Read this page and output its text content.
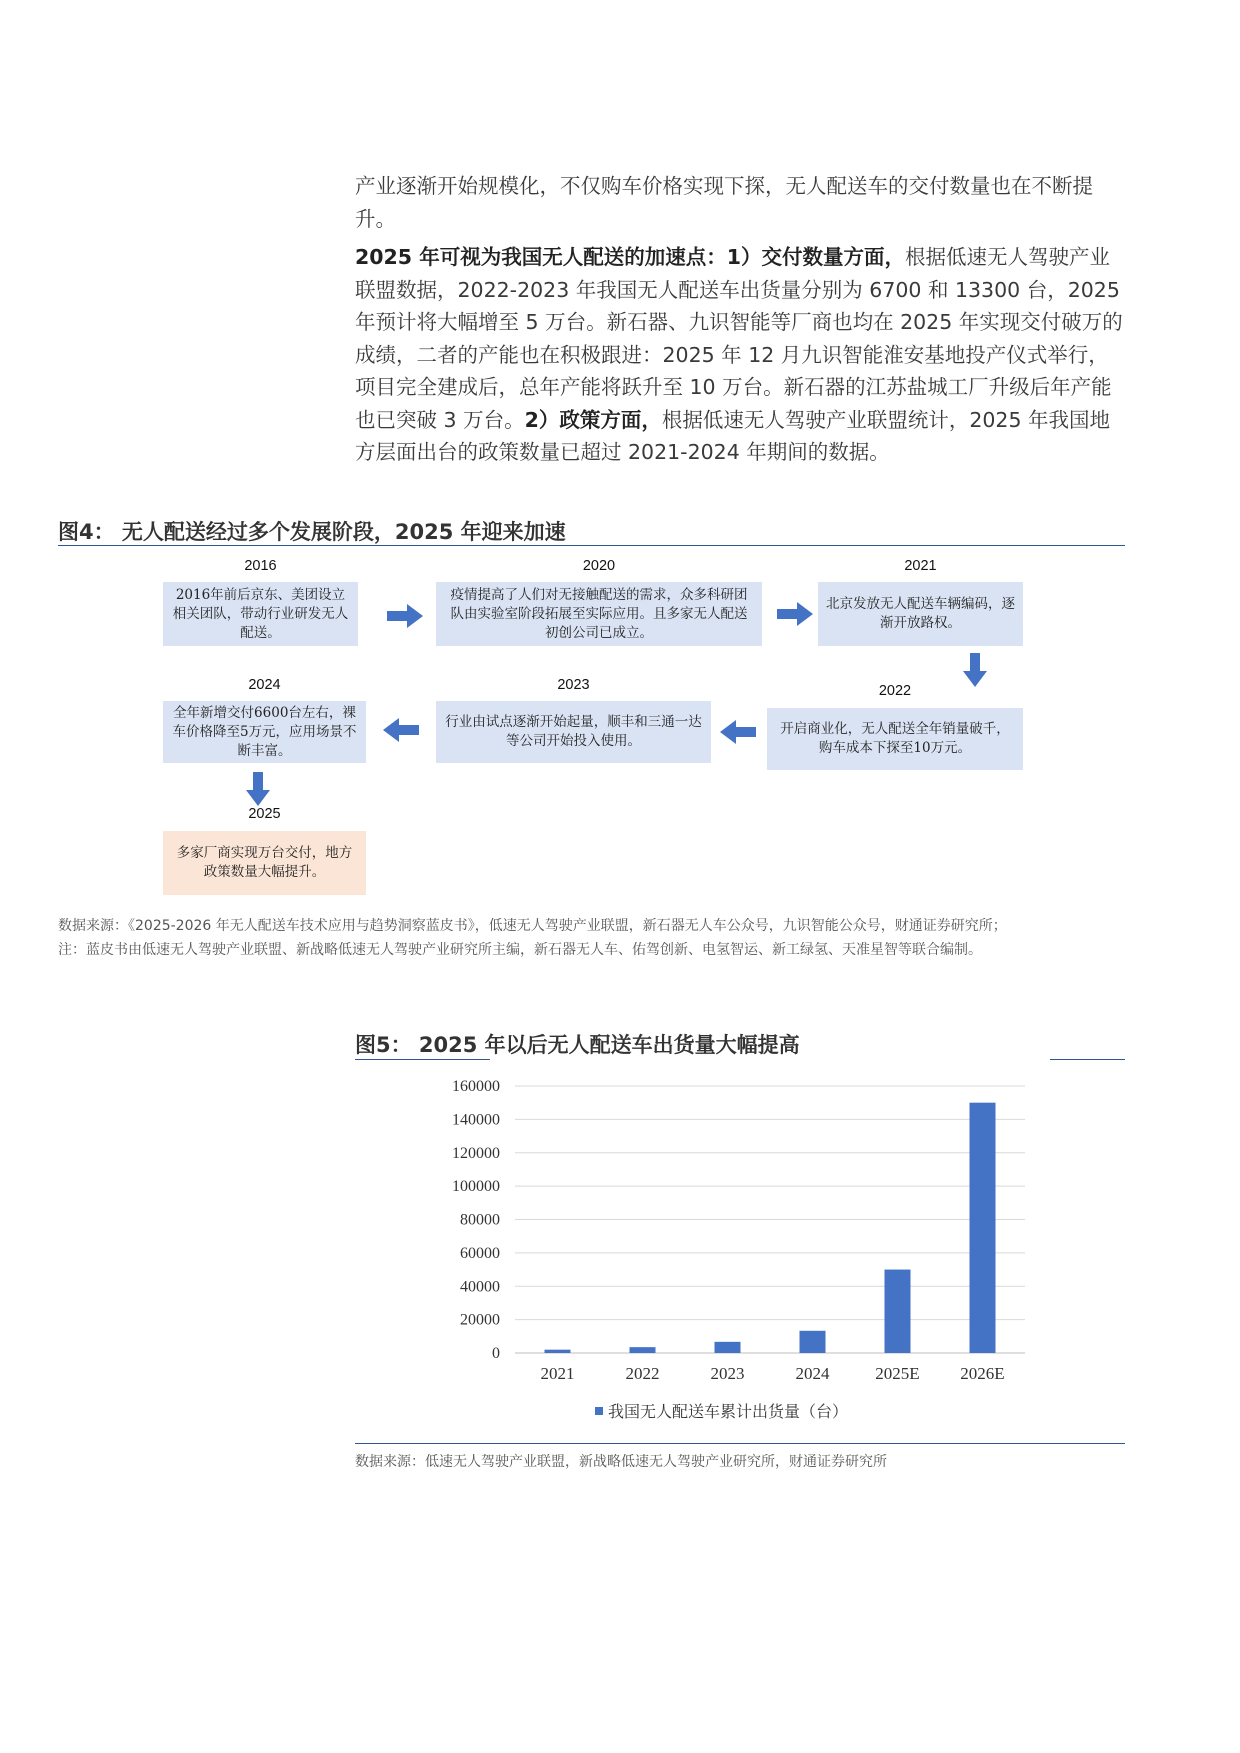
产业逐渐开始规模化，不仅购车价格实现下探，无人配送车的交付数量也在不断提升。

2025 年可视为我国无人配送的加速点：1）交付数量方面，根据低速无人驾驶产业联盟数据，2022-2023 年我国无人配送车出货量分别为 6700 和 13300 台，2025 年预计将大幅增至 5 万台。新石器、九识智能等厂商也均在 2025 年实现交付破万的成绩，二者的产能也在积极跟进：2025 年 12 月九识智能淮安基地投产仪式举行，项目完全建成后，总年产能将跃升至 10 万台。新石器的江苏盐城工厂升级后年产能也已突破 3 万台。2）政策方面，根据低速无人驾驶产业联盟统计，2025 年我国地方层面出台的政策数量已超过 2021-2024 年期间的数据。

图4： 无人配送经过多个发展阶段，2025 年迎来加速
2016
2016年前后京东、美团设立相关团队，带动行业研发无人配送。
2020
疫情提高了人们对无接触配送的需求，众多科研团队由实验室阶段拓展至实际应用。且多家无人配送初创公司已成立。
2021
北京发放无人配送车辆编码，逐渐开放路权。
2024
全年新增交付6600台左右，裸车价格降至5万元，应用场景不断丰富。
2023
行业由试点逐渐开始起量，顺丰和三通一达等公司开始投入使用。
2022
开启商业化，无人配送全年销量破千，购车成本下探至10万元。
2025
多家厂商实现万台交付，地方政策数量大幅提升。
数据来源：《2025-2026 年无人配送车技术应用与趋势洞察蓝皮书》，低速无人驾驶产业联盟，新石器无人车公众号，九识智能公众号，财通证券研究所；
注：蓝皮书由低速无人驾驶产业联盟、新战略低速无人驾驶产业研究所主编，新石器无人车、佑驾创新、电氢智运、新工绿氢、天准星智等联合编制。
图5： 2025 年以后无人配送车出货量大幅提高
0
20000
40000
60000
80000
100000
120000
140000
160000
2021	2022	2023	2024	2025E 2026E
我国无人配送车累计出货量（台）
数据来源：低速无人驾驶产业联盟，新战略低速无人驾驶产业研究所，财通证券研究所
